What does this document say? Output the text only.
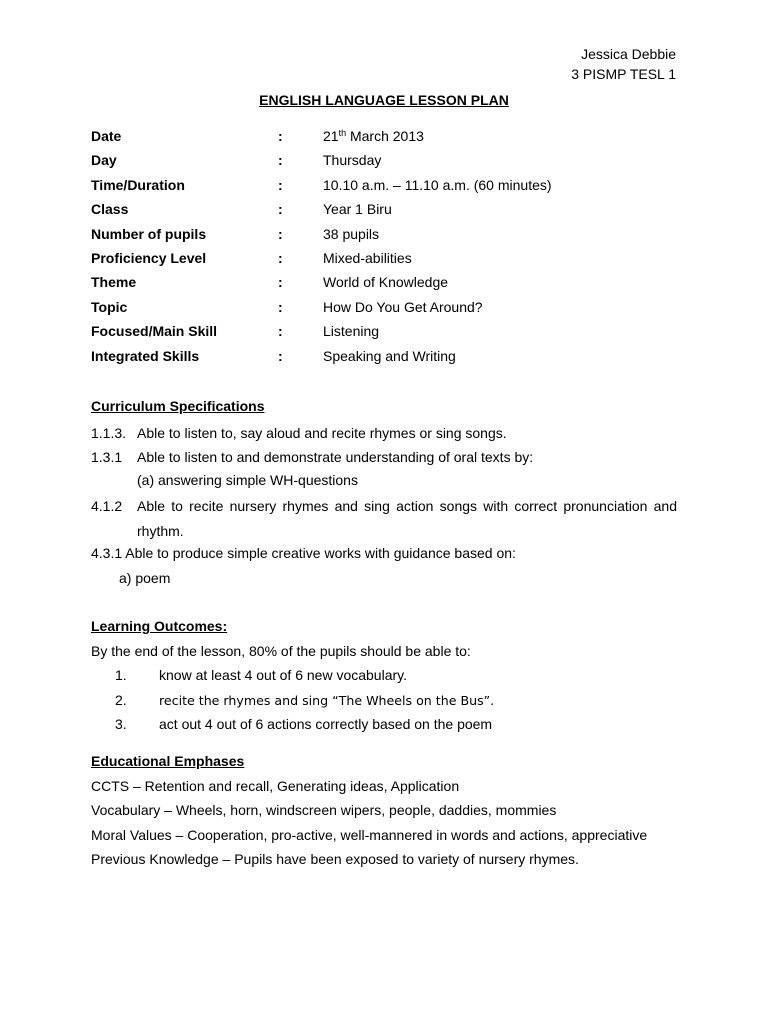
Jessica Debbie
3 PISMP TESL 1
ENGLISH LANGUAGE LESSON PLAN
Date	:	21th March 2013
Day	:	Thursday
Time/Duration	:	10.10 a.m. – 11.10 a.m. (60 minutes)
Class	:	Year 1 Biru
Number of pupils	:	38 pupils
Proficiency Level	:	Mixed-abilities
Theme	:	World of Knowledge
Topic	:	How Do You Get Around?
Focused/Main Skill	:	Listening
Integrated Skills	:	Speaking and Writing
Curriculum Specifications
1.1.3. Able to listen to, say aloud and recite rhymes or sing songs.
1.3.1 Able to listen to and demonstrate understanding of oral texts by:
(a) answering simple WH-questions
4.1.2 Able to recite nursery rhymes and sing action songs with correct pronunciation and rhythm.
4.3.1 Able to produce simple creative works with guidance based on:
a) poem
Learning Outcomes:
By the end of the lesson, 80% of the pupils should be able to:
1. know at least 4 out of 6 new vocabulary.
2.	recite the rhymes and sing “The Wheels on the Bus”.
3. act out 4 out of 6 actions correctly based on the poem
Educational Emphases
CCTS – Retention and recall, Generating ideas, Application
Vocabulary – Wheels, horn, windscreen wipers, people, daddies, mommies
Moral Values – Cooperation, pro-active, well-mannered in words and actions, appreciative
Previous Knowledge – Pupils have been exposed to variety of nursery rhymes.
